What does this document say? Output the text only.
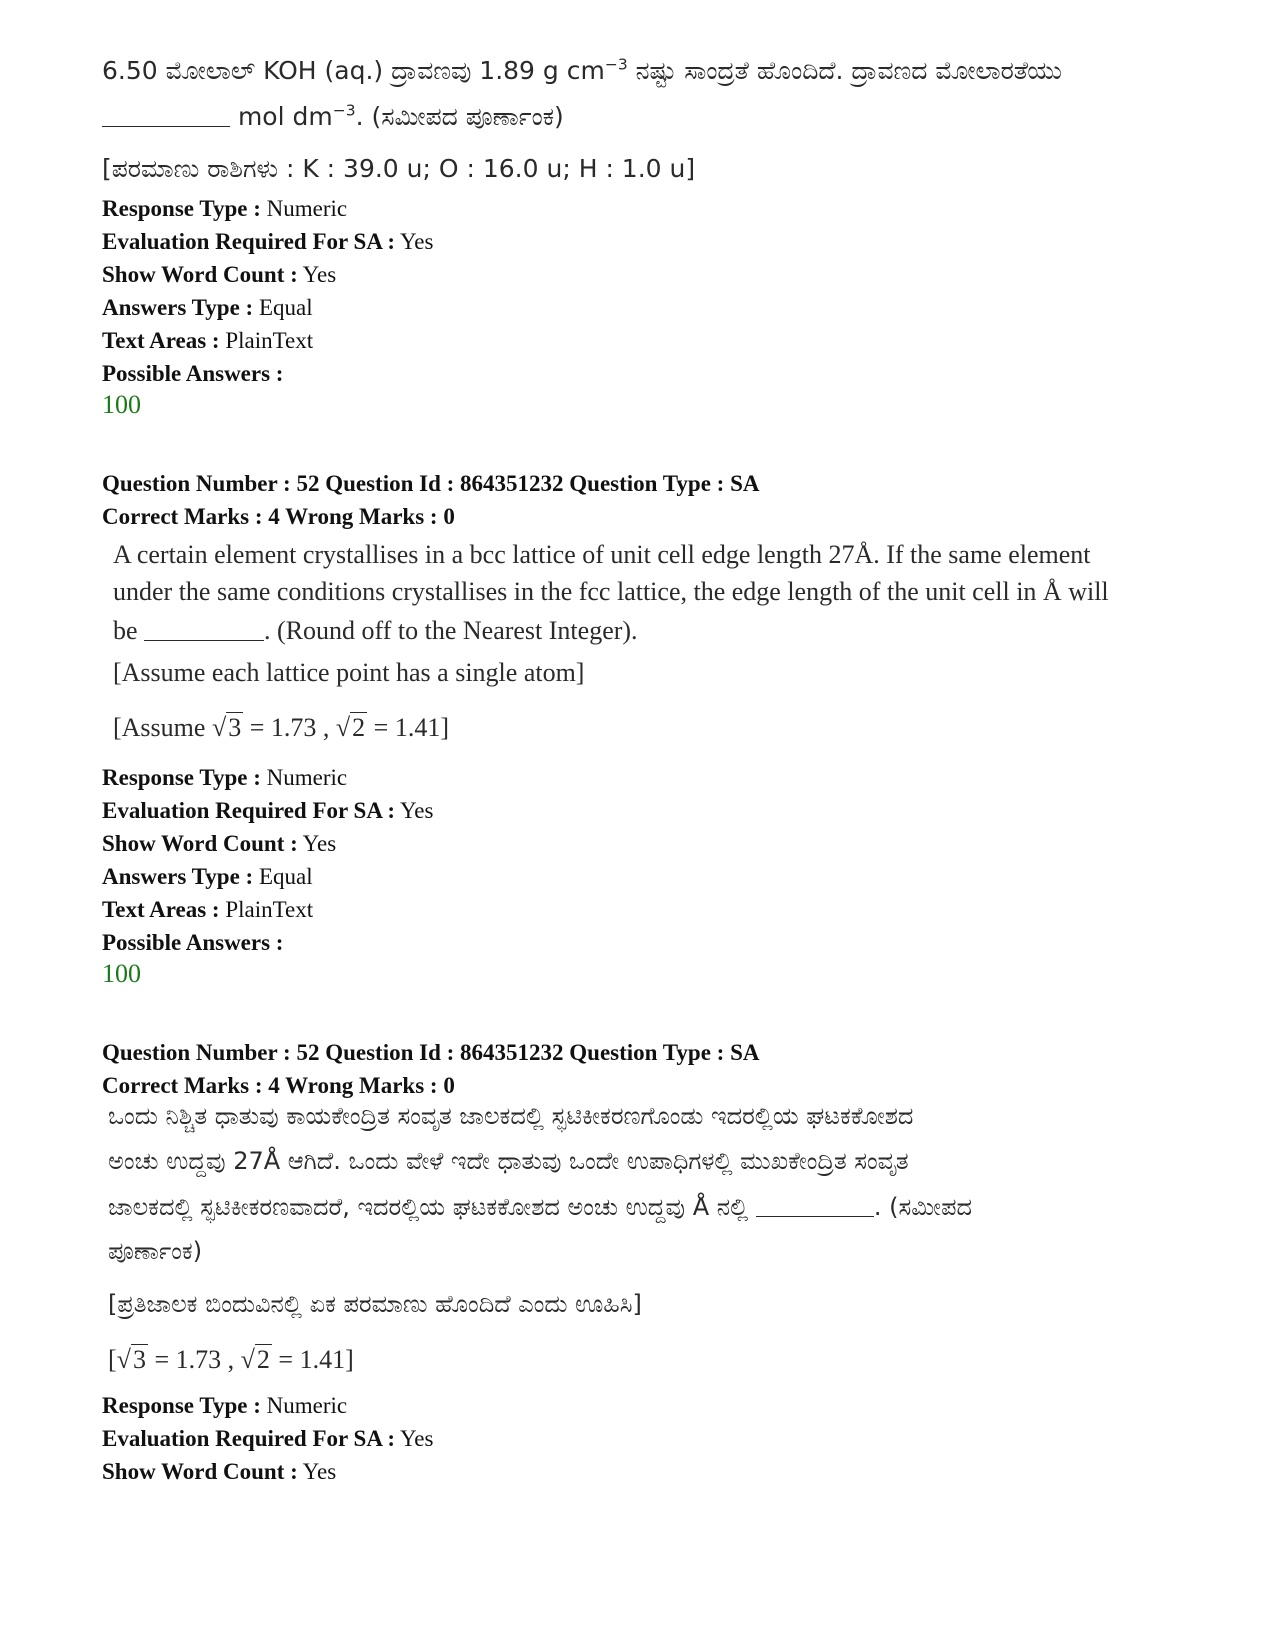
6.50 ಮೋಲಾಲ್ KOH (aq.) ದ್ರಾವಣವು 1.89 g $cm^{-3}$ ನಷ್ಟು ಸಾಂದ್ರತೆ ಹೊಂದಿದೆ. ದ್ರಾವಣದ ಮೋಲಾರತೆಯು
mol $dm^{-3}$. (ಸಮೀಪದ ಪೂರ್ಣಾಂಕ)
[ಪರಮಾಣು ರಾಶಿಗಳು : K : 39.0 u; O : 16.0 u; H : 1.0 u]
Response Type : Numeric
Evaluation Required For SA : Yes
Show Word Count : Yes
Answers Type : Equal
Text Areas : PlainText
Possible Answers :
100
Question Number : 52 Question Id : 864351232 Question Type : SA
Correct Marks : 4 Wrong Marks : 0
A certain element crystallises in a bcc lattice of unit cell edge length 27Å. If the same element
under the same conditions crystallises in the fcc lattice, the edge length of the unit cell in Å will
be	. (Round off to the Nearest Integer).
[Assume each lattice point has a single atom]
[Assume √3 = 1.73 , √2 = 1.41]
Response Type : Numeric
Evaluation Required For SA : Yes
Show Word Count : Yes
Answers Type : Equal
Text Areas : PlainText
Possible Answers :
100
Question Number : 52 Question Id : 864351232 Question Type : SA
Correct Marks : 4 Wrong Marks : 0
ಒಂದು ನಿಶ್ಚಿತ ಧಾತುವು ಕಾಯಕೇಂದ್ರಿತ ಸಂವೃತ ಜಾಲಕದಲ್ಲಿ ಸ್ಫಟಿಕೀಕರಣಗೊಂಡು ಇದರಲ್ಲಿಯ ಘಟಕಕೋಶದ
ಅಂಚು ಉದ್ದವು 27Å ಆಗಿದೆ. ಒಂದು ವೇಳೆ ಇದೇ ಧಾತುವು ಒಂದೇ ಉಪಾಧಿಗಳಲ್ಲಿ ಮುಖಕೇಂದ್ರಿತ ಸಂವೃತ
ಜಾಲಕದಲ್ಲಿ ಸ್ಫಟಿಕೀಕರಣವಾದರೆ, ಇದರಲ್ಲಿಯ ಘಟಕಕೋಶದ ಅಂಚು ಉದ್ದವು Å ನಲ್ಲಿ	. (ಸಮೀಪದ
ಪೂರ್ಣಾಂಕ)
[ಪ್ರತಿಜಾಲಕ ಬಿಂದುವಿನಲ್ಲಿ ಏಕ ಪರಮಾಣು ಹೊಂದಿದೆ ಎಂದು ಊಹಿಸಿ]
[√3 = 1.73 , √2 = 1.41]
Response Type : Numeric
Evaluation Required For SA : Yes
Show Word Count : Yes
